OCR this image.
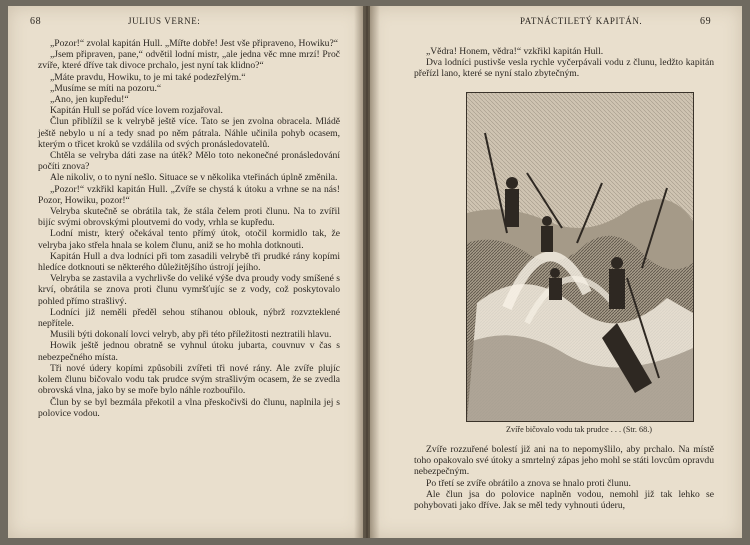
68	JULIUS VERNE:

„Pozor!“ zvolal kapitán Hull. „Mířte dobře! Jest vše připraveno, Howiku?“

„Jsem připraven, pane,“ odvětil lodní mistr, „ale jedna věc mne mrzí! Proč zvíře, které dříve tak divoce prchalo, jest nyní tak klidno?“

„Máte pravdu, Howiku, to je mi také podezřelým.“

„Musíme se míti na pozoru.“

„Ano, jen kupředu!“

Kapitán Hull se pořád více lovem rozjařoval.

Člun přiblížil se k velrybě ještě více. Tato se jen zvolna obracela. Mládě ještě nebylo u ní a tedy snad po něm pátrala. Náhle učinila pohyb ocasem, kterým o třicet kroků se vzdálila od svých pronásledovatelů.

Chtěla se velryba dáti zase na útěk? Mělo toto nekonečné pronásledování počíti znova?

Ale nikoliv, o to nyní nešlo. Situace se v několika vteřinách úplně změnila.

„Pozor!“ vzkřikl kapitán Hull. „Zvíře se chystá k útoku a vrhne se na nás! Pozor, Howiku, pozor!“

Velryba skutečně se obrátila tak, že stála čelem proti člunu. Na to zvířil bijíc svými obrovskými ploutvemi do vody, vrhla se kupředu.

Lodní mistr, který očekával tento přímý útok, otočil kormidlo tak, že velryba jako střela hnala se kolem člunu, aniž se ho mohla dotknouti.

Kapitán Hull a dva lodníci při tom zasadili velrybě tři prudké rány kopími hledíce dotknouti se některého důležitějšího ústrojí jejího.

Velryba se zastavila a vychrlivše do veliké výše dva proudy vody smíšené s krví, obrátila se znova proti člunu vymršťujíc se z vody, což poskytovalo pohled přímo strašlivý.

Lodníci již neměli předěl sehou stíhanou oblouk, nýbrž rozvzteklené nepřítele.

Musili býti dokonalí lovci velryb, aby při této příležitosti neztratili hlavu.

Howik ještě jednou obratně se vyhnul útoku jubarta, couvnuv v čas s nebezpečného místa.

Tři nové údery kopími způsobili zvířeti tři nové rány. Ale zvíře plujíc kolem člunu bičovalo vodu tak prudce svým strašlivým ocasem, že se zvedla obrovská vlna, jako by se moře bylo náhle rozbouřilo.

Člun by se byl bezmála překotil a vlna přeskočivši do člunu, naplnila jej s polovice vodou.

PATNÁCTILETÝ KAPITÁN.	69

„Vědra! Honem, vědra!“ vzkřikl kapitán Hull.

Dva lodníci pustivše vesla rychle vyčerpávali vodu z člunu, ledžto kapitán přeřízl lano, které se nyní stalo zbytečným.

Zvíře bičovalo vodu tak prudce . . . (Str. 68.)

Zvíře rozzuřené bolestí již ani na to nepomyšlilo, aby prchalo. Na místě toho opakovalo své útoky a smrtelný zápas jeho mohl se státi lovcům opravdu nebezpečným.

Po třetí se zvíře obrátilo a znova se hnalo proti člunu.

Ale člun jsa do polovice naplněn vodou, nemohl již tak lehko se pohybovati jako dříve. Jak se měl tedy vyhnouti úderu,
